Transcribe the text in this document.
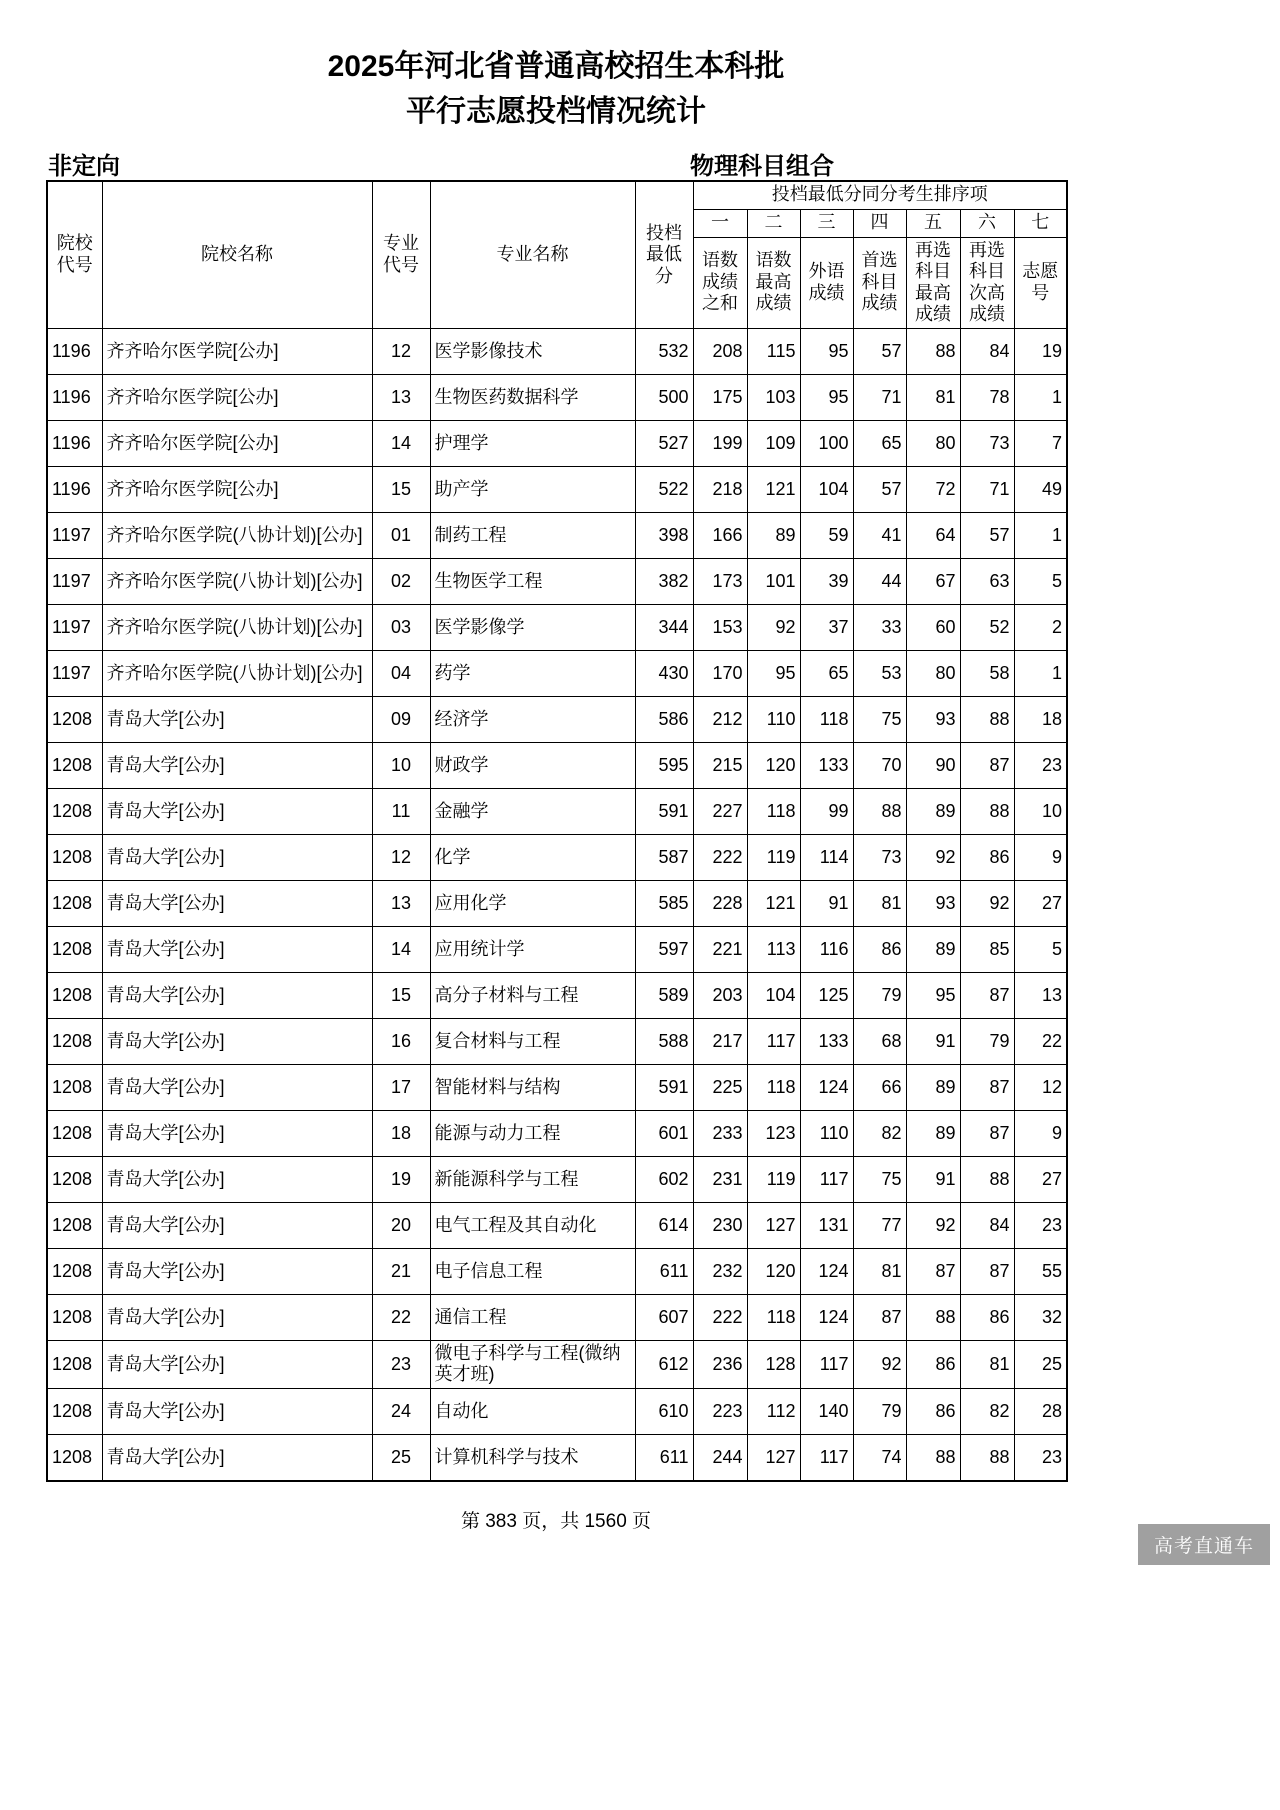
2025年河北省普通高校招生本科批
平行志愿投档情况统计
非定向	物理科目组合
院校代号	院校名称	专业代号	专业名称	投档最低分	投档最低分同分考生排序项						
					一	二	三	四	五	六	七
					语数成绩之和	语数最高成绩	外语成绩	首选科目成绩	再选科目最高成绩	再选科目次高成绩	志愿号
1196	齐齐哈尔医学院[公办]	12	医学影像技术	532	208	115	95	57	88	84	19
1196	齐齐哈尔医学院[公办]	13	生物医药数据科学	500	175	103	95	71	81	78	1
1196	齐齐哈尔医学院[公办]	14	护理学	527	199	109	100	65	80	73	7
1196	齐齐哈尔医学院[公办]	15	助产学	522	218	121	104	57	72	71	49
1197	齐齐哈尔医学院(八协计划)[公办]	01	制药工程	398	166	89	59	41	64	57	1
1197	齐齐哈尔医学院(八协计划)[公办]	02	生物医学工程	382	173	101	39	44	67	63	5
1197	齐齐哈尔医学院(八协计划)[公办]	03	医学影像学	344	153	92	37	33	60	52	2
1197	齐齐哈尔医学院(八协计划)[公办]	04	药学	430	170	95	65	53	80	58	1
1208	青岛大学[公办]	09	经济学	586	212	110	118	75	93	88	18
1208	青岛大学[公办]	10	财政学	595	215	120	133	70	90	87	23
1208	青岛大学[公办]	11	金融学	591	227	118	99	88	89	88	10
1208	青岛大学[公办]	12	化学	587	222	119	114	73	92	86	9
1208	青岛大学[公办]	13	应用化学	585	228	121	91	81	93	92	27
1208	青岛大学[公办]	14	应用统计学	597	221	113	116	86	89	85	5
1208	青岛大学[公办]	15	高分子材料与工程	589	203	104	125	79	95	87	13
1208	青岛大学[公办]	16	复合材料与工程	588	217	117	133	68	91	79	22
1208	青岛大学[公办]	17	智能材料与结构	591	225	118	124	66	89	87	12
1208	青岛大学[公办]	18	能源与动力工程	601	233	123	110	82	89	87	9
1208	青岛大学[公办]	19	新能源科学与工程	602	231	119	117	75	91	88	27
1208	青岛大学[公办]	20	电气工程及其自动化	614	230	127	131	77	92	84	23
1208	青岛大学[公办]	21	电子信息工程	611	232	120	124	81	87	87	55
1208	青岛大学[公办]	22	通信工程	607	222	118	124	87	88	86	32
1208	青岛大学[公办]	23	微电子科学与工程(微纳英才班)	612	236	128	117	92	86	81	25
1208	青岛大学[公办]	24	自动化	610	223	112	140	79	86	82	28
1208	青岛大学[公办]	25	计算机科学与技术	611	244	127	117	74	88	88	23
第 383 页，共 1560 页
高考直通车
